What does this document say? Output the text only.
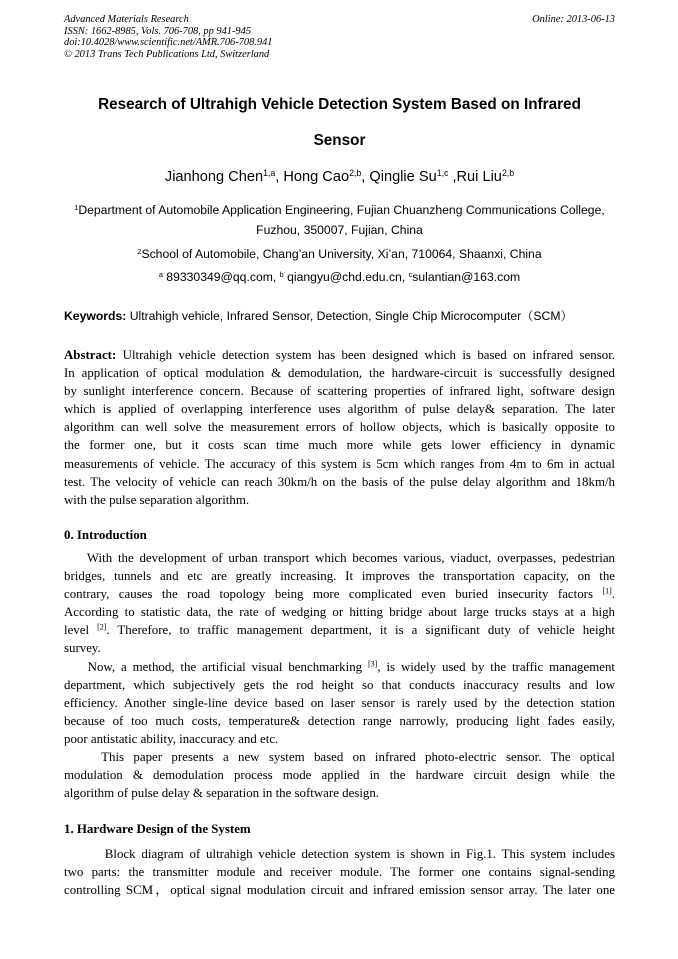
Advanced Materials Research
ISSN: 1662-8985, Vols. 706-708, pp 941-945
doi:10.4028/www.scientific.net/AMR.706-708.941
© 2013 Trans Tech Publications Ltd, Switzerland
Online: 2013-06-13
Research of Ultrahigh Vehicle Detection System Based on Infrared
Sensor
Jianhong Chen$^{1,a}$, Hong Cao$^{2,b}$, Qinglie Su$^{1,c}$ ,Rui Liu$^{2,b}$
$^1$Department of Automobile Application Engineering, Fujian Chuanzheng Communications College,
Fuzhou, 350007, Fujian, China
$^2$School of Automobile, Chang’an University, Xi’an, 710064, Shaanxi, China
$^a$ 89330349@qq.com, $^b$ qiangyu@chd.edu.cn, $^c$sulantian@163.com
Keywords: Ultrahigh vehicle, Infrared Sensor, Detection, Single Chip Microcomputer（SCM）
Abstract: Ultrahigh vehicle detection system has been designed which is based on infrared sensor.
In application of optical modulation & demodulation, the hardware-circuit is successfully designed
by sunlight interference concern. Because of scattering properties of infrared light, software design
which is applied of overlapping interference uses algorithm of pulse delay& separation. The later
algorithm can well solve the measurement errors of hollow objects, which is basically opposite to
the former one, but it costs scan time much more while gets lower efficiency in dynamic
measurements of vehicle. The accuracy of this system is 5cm which ranges from 4m to 6m in actual
test. The velocity of vehicle can reach 30km/h on the basis of the pulse delay algorithm and 18km/h
with the pulse separation algorithm.
0. Introduction
With the development of urban transport which becomes various, viaduct, overpasses, pedestrian
bridges, tunnels and etc are greatly increasing. It improves the transportation capacity, on the
contrary, causes the road topology being more complicated even buried insecurity factors [1].
According to statistic data, the rate of wedging or hitting bridge about large trucks stays at a high
level [2]. Therefore, to traffic management department, it is a significant duty of vehicle height
survey.
Now, a method, the artificial visual benchmarking [3], is widely used by the traffic management
department, which subjectively gets the rod height so that conducts inaccuracy results and low
efficiency. Another single-line device based on laser sensor is rarely used by the detection station
because of too much costs, temperature& detection range narrowly, producing light fades easily,
poor antistatic ability, inaccuracy and etc.
This paper presents a new system based on infrared photo-electric sensor. The optical
modulation & demodulation process mode applied in the hardware circuit design while the
algorithm of pulse delay & separation in the software design.
1. Hardware Design of the System
Block diagram of ultrahigh vehicle detection system is shown in Fig.1. This system includes
two parts: the transmitter module and receiver module. The former one contains signal-sending
controlling SCM，optical signal modulation circuit and infrared emission sensor array. The later one
